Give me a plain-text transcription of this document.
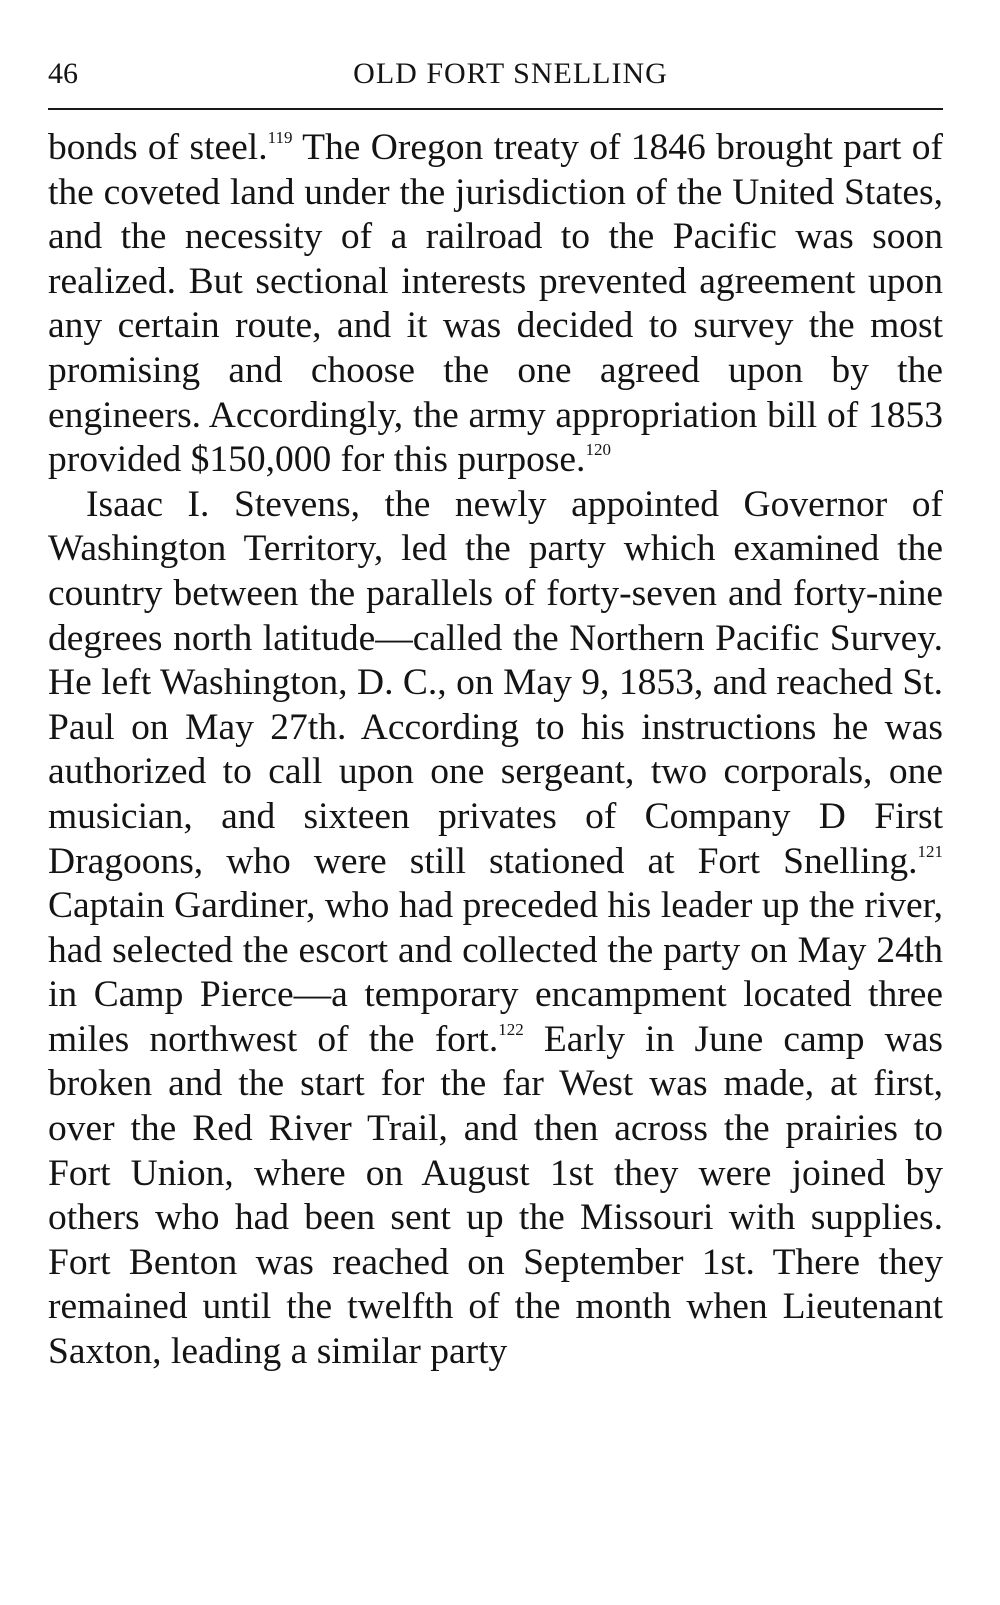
46	OLD FORT SNELLING

bonds of steel.$^{119}$ The Oregon treaty of 1846 brought part of the coveted land under the jurisdiction of the United States, and the necessity of a railroad to the Pacific was soon realized. But sectional interests prevented agreement upon any certain route, and it was decided to survey the most promising and choose the one agreed upon by the engineers. Accordingly, the army appropriation bill of 1853 provided $150,000 for this purpose.$^{120}$

Isaac I. Stevens, the newly appointed Governor of Washington Territory, led the party which examined the country between the parallels of forty-seven and forty-nine degrees north latitude—called the Northern Pacific Survey. He left Washington, D. C., on May 9, 1853, and reached St. Paul on May 27th. According to his instructions he was authorized to call upon one sergeant, two corporals, one musician, and sixteen privates of Company D First Dragoons, who were still stationed at Fort Snelling.$^{121}$ Captain Gardiner, who had preceded his leader up the river, had selected the escort and collected the party on May 24th in Camp Pierce—a temporary encampment located three miles northwest of the fort.$^{122}$ Early in June camp was broken and the start for the far West was made, at first, over the Red River Trail, and then across the prairies to Fort Union, where on August 1st they were joined by others who had been sent up the Missouri with supplies. Fort Benton was reached on September 1st. There they remained until the twelfth of the month when Lieutenant Saxton, leading a similar party
